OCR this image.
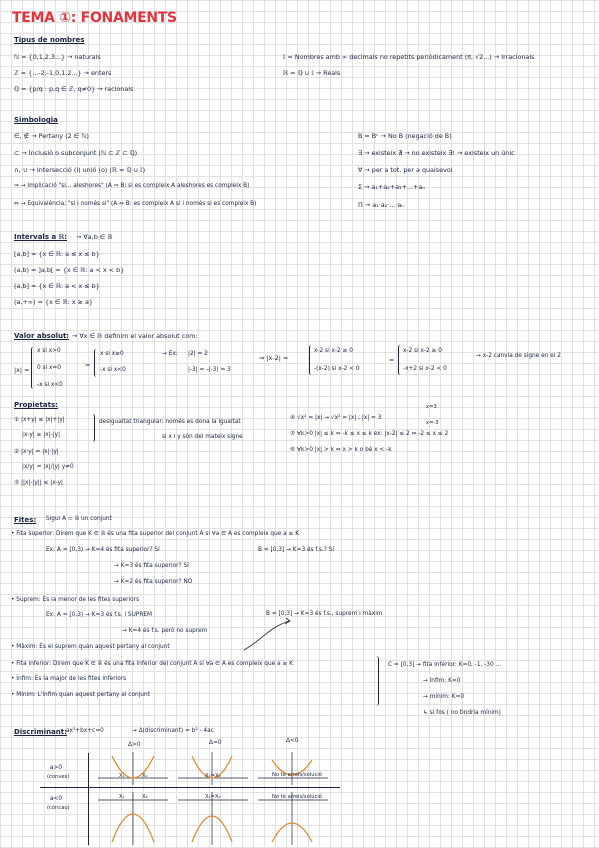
TEMA ①: FONAMENTS
Tipus de nombres
ℕ = {0,1,2,3...} → naturals
ℤ = {...-2,-1,0,1,2...} → enters
ℚ = {p/q : p,q ∈ ℤ, q≠0} → racionals
𝕀 = Nombres amb ∞ decimals no repetits periòdicament (π, √2...) → Irracionals
ℝ = ℚ ∪ 𝕀 → Reals
Simbologia
∈, ∉ → Pertany (2 ∈ ℕ)
⊂ → Inclusió o subconjunt (ℕ ⊂ ℤ ⊂ ℚ)
∩, ∪ → Intersecció (i) unió (o) (ℝ = ℚ ∪ 𝕀)
⇒ → Implicació "si... aleshores" (A ⇒ B: si es compleix A aleshores es compleix B)
⇔ → Equivalència; "si i només si" (A ⇔ B: es compleix A si i només si es compleix B)
B = Bᶜ → No B (negació de B)
∃ → existeix ∄ → no existeix ∃! → existeix un únic
∀ → per a tot, per a qualsevol
Σ → a₁+a₂+a₃+...+aₙ
Π → a₁·a₂·...·aₙ
Intervals a ℝ: → ∀a,b ∈ ℝ
[a,b] = {x ∈ ℝ: a ≤ x ≤ b}
(a,b) = ]a,b[ = {x ∈ ℝ: a < x < b}
(a,b] = {x ∈ ℝ: a < x ≤ b}
(a,+∞) = {x ∈ ℝ: x ≥ a}
Valor absolut: → ∀x ∈ ℝ definim el valor absolut com:
|x| =
x si x>0
0 si x=0
-x si x<0
=
x si x≥0
-x si x<0
→ Ex: |2| = 2
|-3| = -(-3) = 3
⇒ |x-2| =
x-2 si x-2 ≥ 0
-(x-2) si x-2 < 0
=
x-2 si x-2 ≥ 0
-x+2 si x-2 < 0
→ x-2 canvia de signe en el 2
Propietats:
① |x+y| ≤ |x|+|y|
|x-y| ≥ |x|-|y|
desigualtat triangular: només es dona la igualtat
si x i y són del mateix signe
② |x·y| = |x|·|y|
|x/y| = |x|/|y| y≠0
③ ||x|-|y|| ≤ |x-y|
④ √x² = |x| → √x² = |x| ; |x| = 3
x=3
x=-3
⑤ ∀k>0 |x| ≤ k ⇔ -k ≤ x ≤ k ex: |x-2| ≤ 2 ⇔ -2 ≤ x ≤ 2
⑥ ∀k>0 |x| > k ⇔ x > k o bé x < -k
Fites: Sigui A ⊂ ℝ un conjunt
• Fita superior: Direm que K ∈ ℝ és una fita superior del conjunt A si ∀a ∈ A es compleix que a ≤ K
Ex: A = [0,3) → K=4 és fita superior? Sí
→ K=3 és fita superior? Sí
→ K=2 és fita superior? NO
B = [0,3] → K=3 és f.s.? Sí
• Suprem: És la menor de les fites superiors
Ex: A = [0,3) → K=3 és f.s. i SUPREM
→ K=4 és f.s. però no suprem
B = [0,3] → K=3 és f.s., suprem i màxim
• Màxim: És el suprem quan aquest pertany al conjunt
• Fita inferior: Direm que K ∈ ℝ és una fita inferior del conjunt A si ∀a ∈ A es compleix que a ≥ K
• Ínfim: És la major de les fites inferiors
• Mínim: L'ínfim quan aquest pertany al conjunt
C = [0,3] → fita inferior: K=0, -1, -30 ...
→ ínfim: K=0
→ mínim: K=0
↳ si fos ( no tindria mínim)
Discriminant: ax²+bx+c=0	→ Δ(discriminant) = b² - 4ac
Δ>0	Δ=0	Δ<0
a>0
(convex)
a<0
(còncau)
X₁	X₂	X₁=X₂	No té arrels/solució
X₁	X₂	X₁=X₂	No té arrels/solució
